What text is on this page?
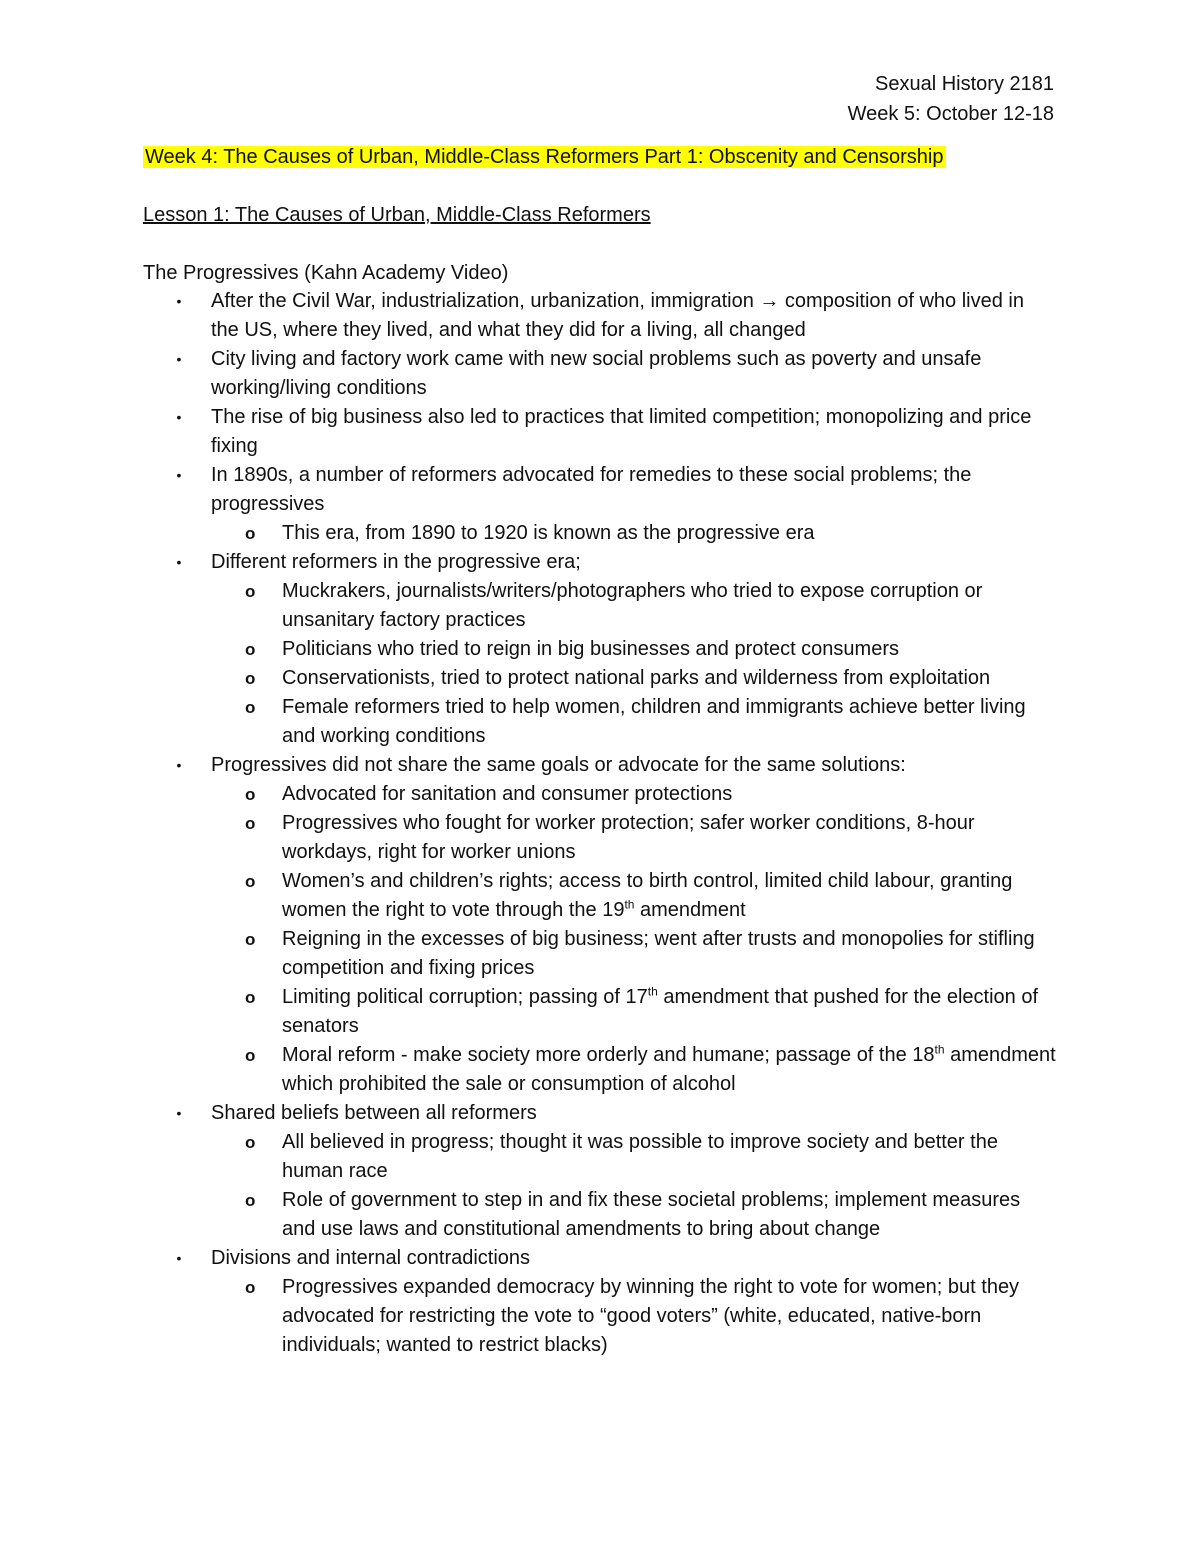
Sexual History 2181
Week 5: October 12-18
Week 4: The Causes of Urban, Middle-Class Reformers Part 1: Obscenity and Censorship
Lesson 1: The Causes of Urban, Middle-Class Reformers
The Progressives (Kahn Academy Video)
• After the Civil War, industrialization, urbanization, immigration → composition of who lived in the US, where they lived, and what they did for a living, all changed
• City living and factory work came with new social problems such as poverty and unsafe working/living conditions
• The rise of big business also led to practices that limited competition; monopolizing and price fixing
• In 1890s, a number of reformers advocated for remedies to these social problems; the progressives
o This era, from 1890 to 1920 is known as the progressive era
• Different reformers in the progressive era;
o Muckrakers, journalists/writers/photographers who tried to expose corruption or unsanitary factory practices
o Politicians who tried to reign in big businesses and protect consumers
o Conservationists, tried to protect national parks and wilderness from exploitation
o Female reformers tried to help women, children and immigrants achieve better living and working conditions
• Progressives did not share the same goals or advocate for the same solutions:
o Advocated for sanitation and consumer protections
o Progressives who fought for worker protection; safer worker conditions, 8-hour workdays, right for worker unions
o Women’s and children’s rights; access to birth control, limited child labour, granting women the right to vote through the 19th amendment
o Reigning in the excesses of big business; went after trusts and monopolies for stifling competition and fixing prices
o Limiting political corruption; passing of 17th amendment that pushed for the election of senators
o Moral reform - make society more orderly and humane; passage of the 18th amendment which prohibited the sale or consumption of alcohol
• Shared beliefs between all reformers
o All believed in progress; thought it was possible to improve society and better the human race
o Role of government to step in and fix these societal problems; implement measures and use laws and constitutional amendments to bring about change
• Divisions and internal contradictions
o Progressives expanded democracy by winning the right to vote for women; but they advocated for restricting the vote to “good voters” (white, educated, native-born individuals; wanted to restrict blacks)
